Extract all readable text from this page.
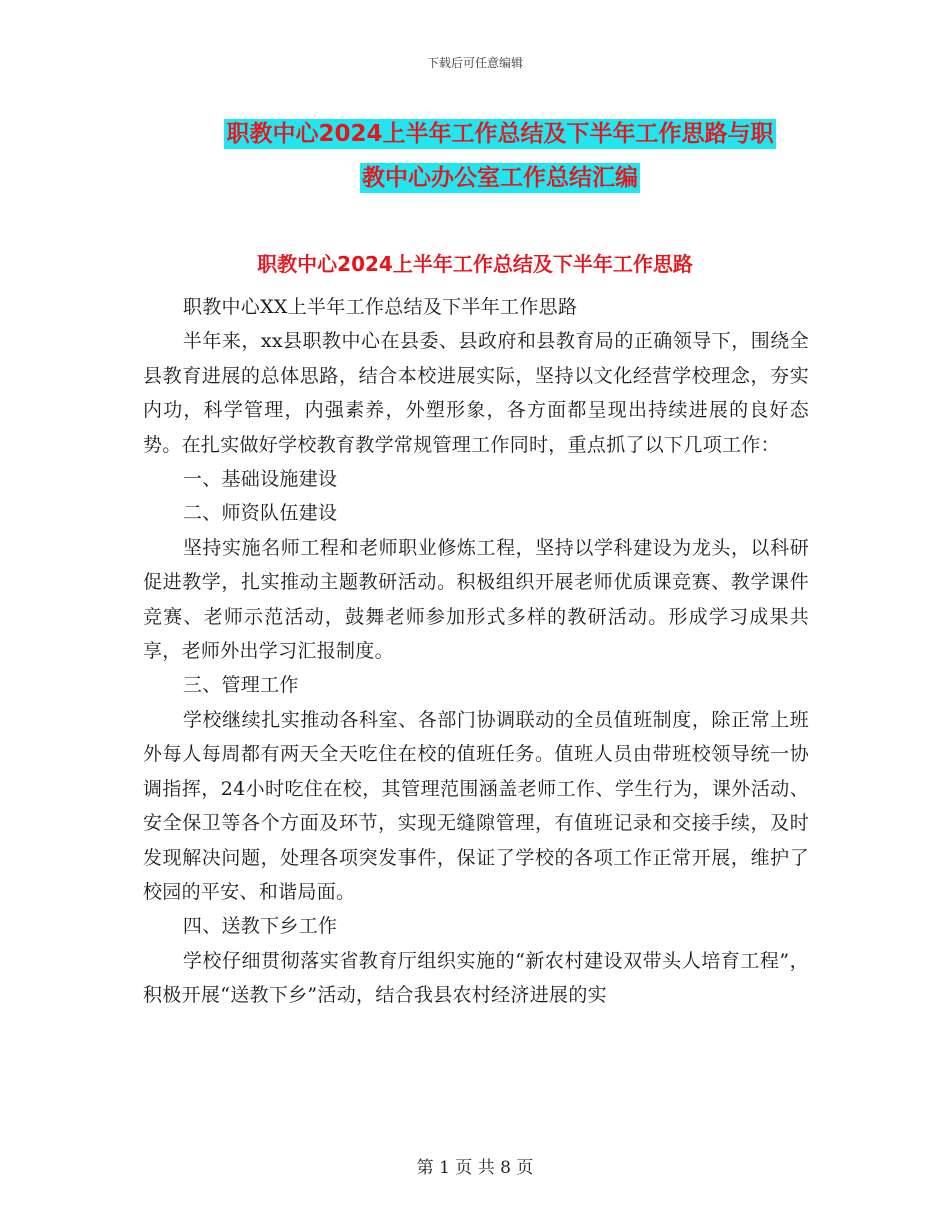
下载后可任意编辑
职教中心2024上半年工作总结及下半年工作思路与职
教中心办公室工作总结汇编
职教中心2024上半年工作总结及下半年工作思路

职教中心XX上半年工作总结及下半年工作思路

半年来，xx县职教中心在县委、县政府和县教育局的正确领导下，围绕全县教育进展的总体思路，结合本校进展实际，坚持以文化经营学校理念，夯实内功，科学管理，内强素养，外塑形象，各方面都呈现出持续进展的良好态势。在扎实做好学校教育教学常规管理工作同时，重点抓了以下几项工作：

一、基础设施建设

二、师资队伍建设

坚持实施名师工程和老师职业修炼工程，坚持以学科建设为龙头，以科研促进教学，扎实推动主题教研活动。积极组织开展老师优质课竞赛、教学课件竞赛、老师示范活动，鼓舞老师参加形式多样的教研活动。形成学习成果共享，老师外出学习汇报制度。

三、管理工作

学校继续扎实推动各科室、各部门协调联动的全员值班制度，除正常上班外每人每周都有两天全天吃住在校的值班任务。值班人员由带班校领导统一协调指挥，24小时吃住在校，其管理范围涵盖老师工作、学生行为，课外活动、安全保卫等各个方面及环节，实现无缝隙管理，有值班记录和交接手续，及时发现解决问题，处理各项突发事件，保证了学校的各项工作正常开展，维护了校园的平安、和谐局面。

四、送教下乡工作

学校仔细贯彻落实省教育厅组织实施的“新农村建设双带头人培育工程”，积极开展“送教下乡”活动，结合我县农村经济进展的实

第 1 页 共 8 页
